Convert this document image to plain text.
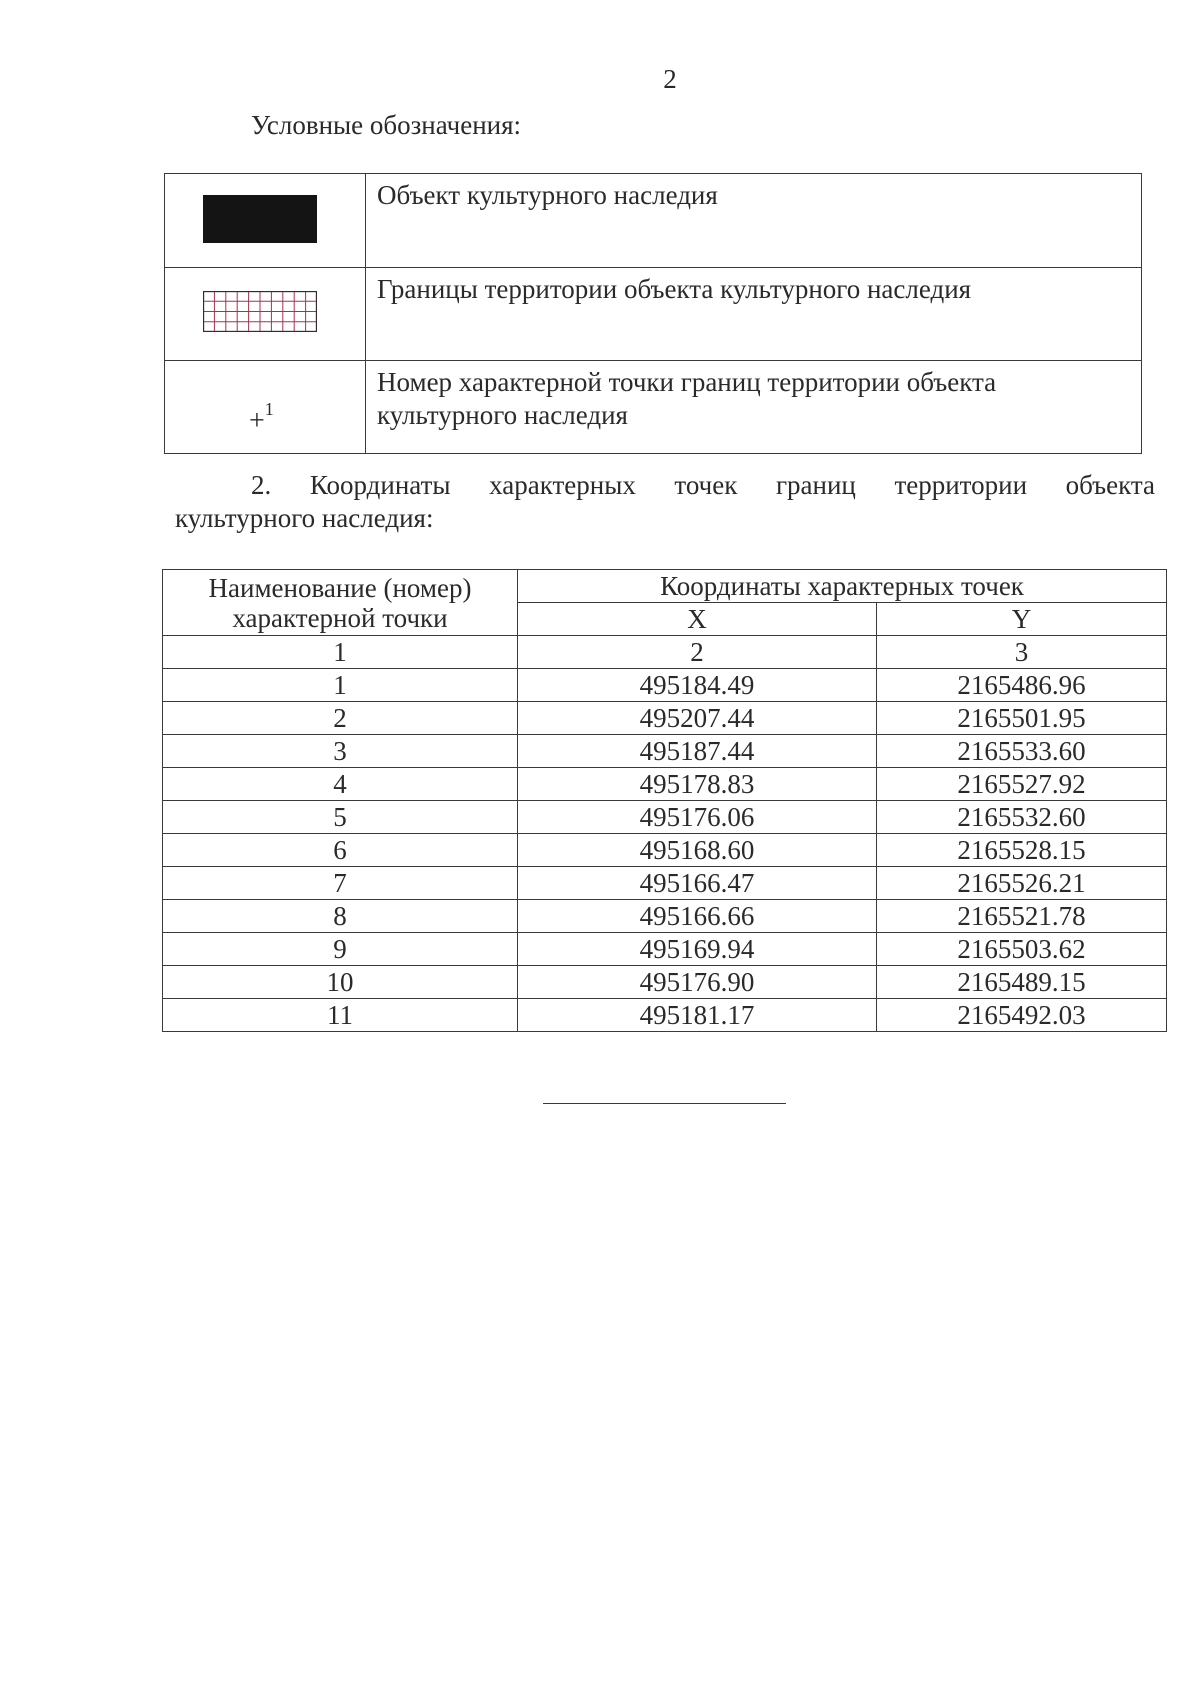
2
Условные обозначения:
	Объект культурного наследия

	Границы территории объекта культурного наследия

+$^1$	Номер характерной точки границ территории объекта культурного наследия
2. Координаты характерных точек границ территории объекта
культурного наследия:
Наименование (номер) характерной точки	Координаты характерных точек	
	X	Y
1	2	3
1	495184.49	2165486.96
2	495207.44	2165501.95
3	495187.44	2165533.60
4	495178.83	2165527.92
5	495176.06	2165532.60
6	495168.60	2165528.15
7	495166.47	2165526.21
8	495166.66	2165521.78
9	495169.94	2165503.62
10	495176.90	2165489.15
11	495181.17	2165492.03
